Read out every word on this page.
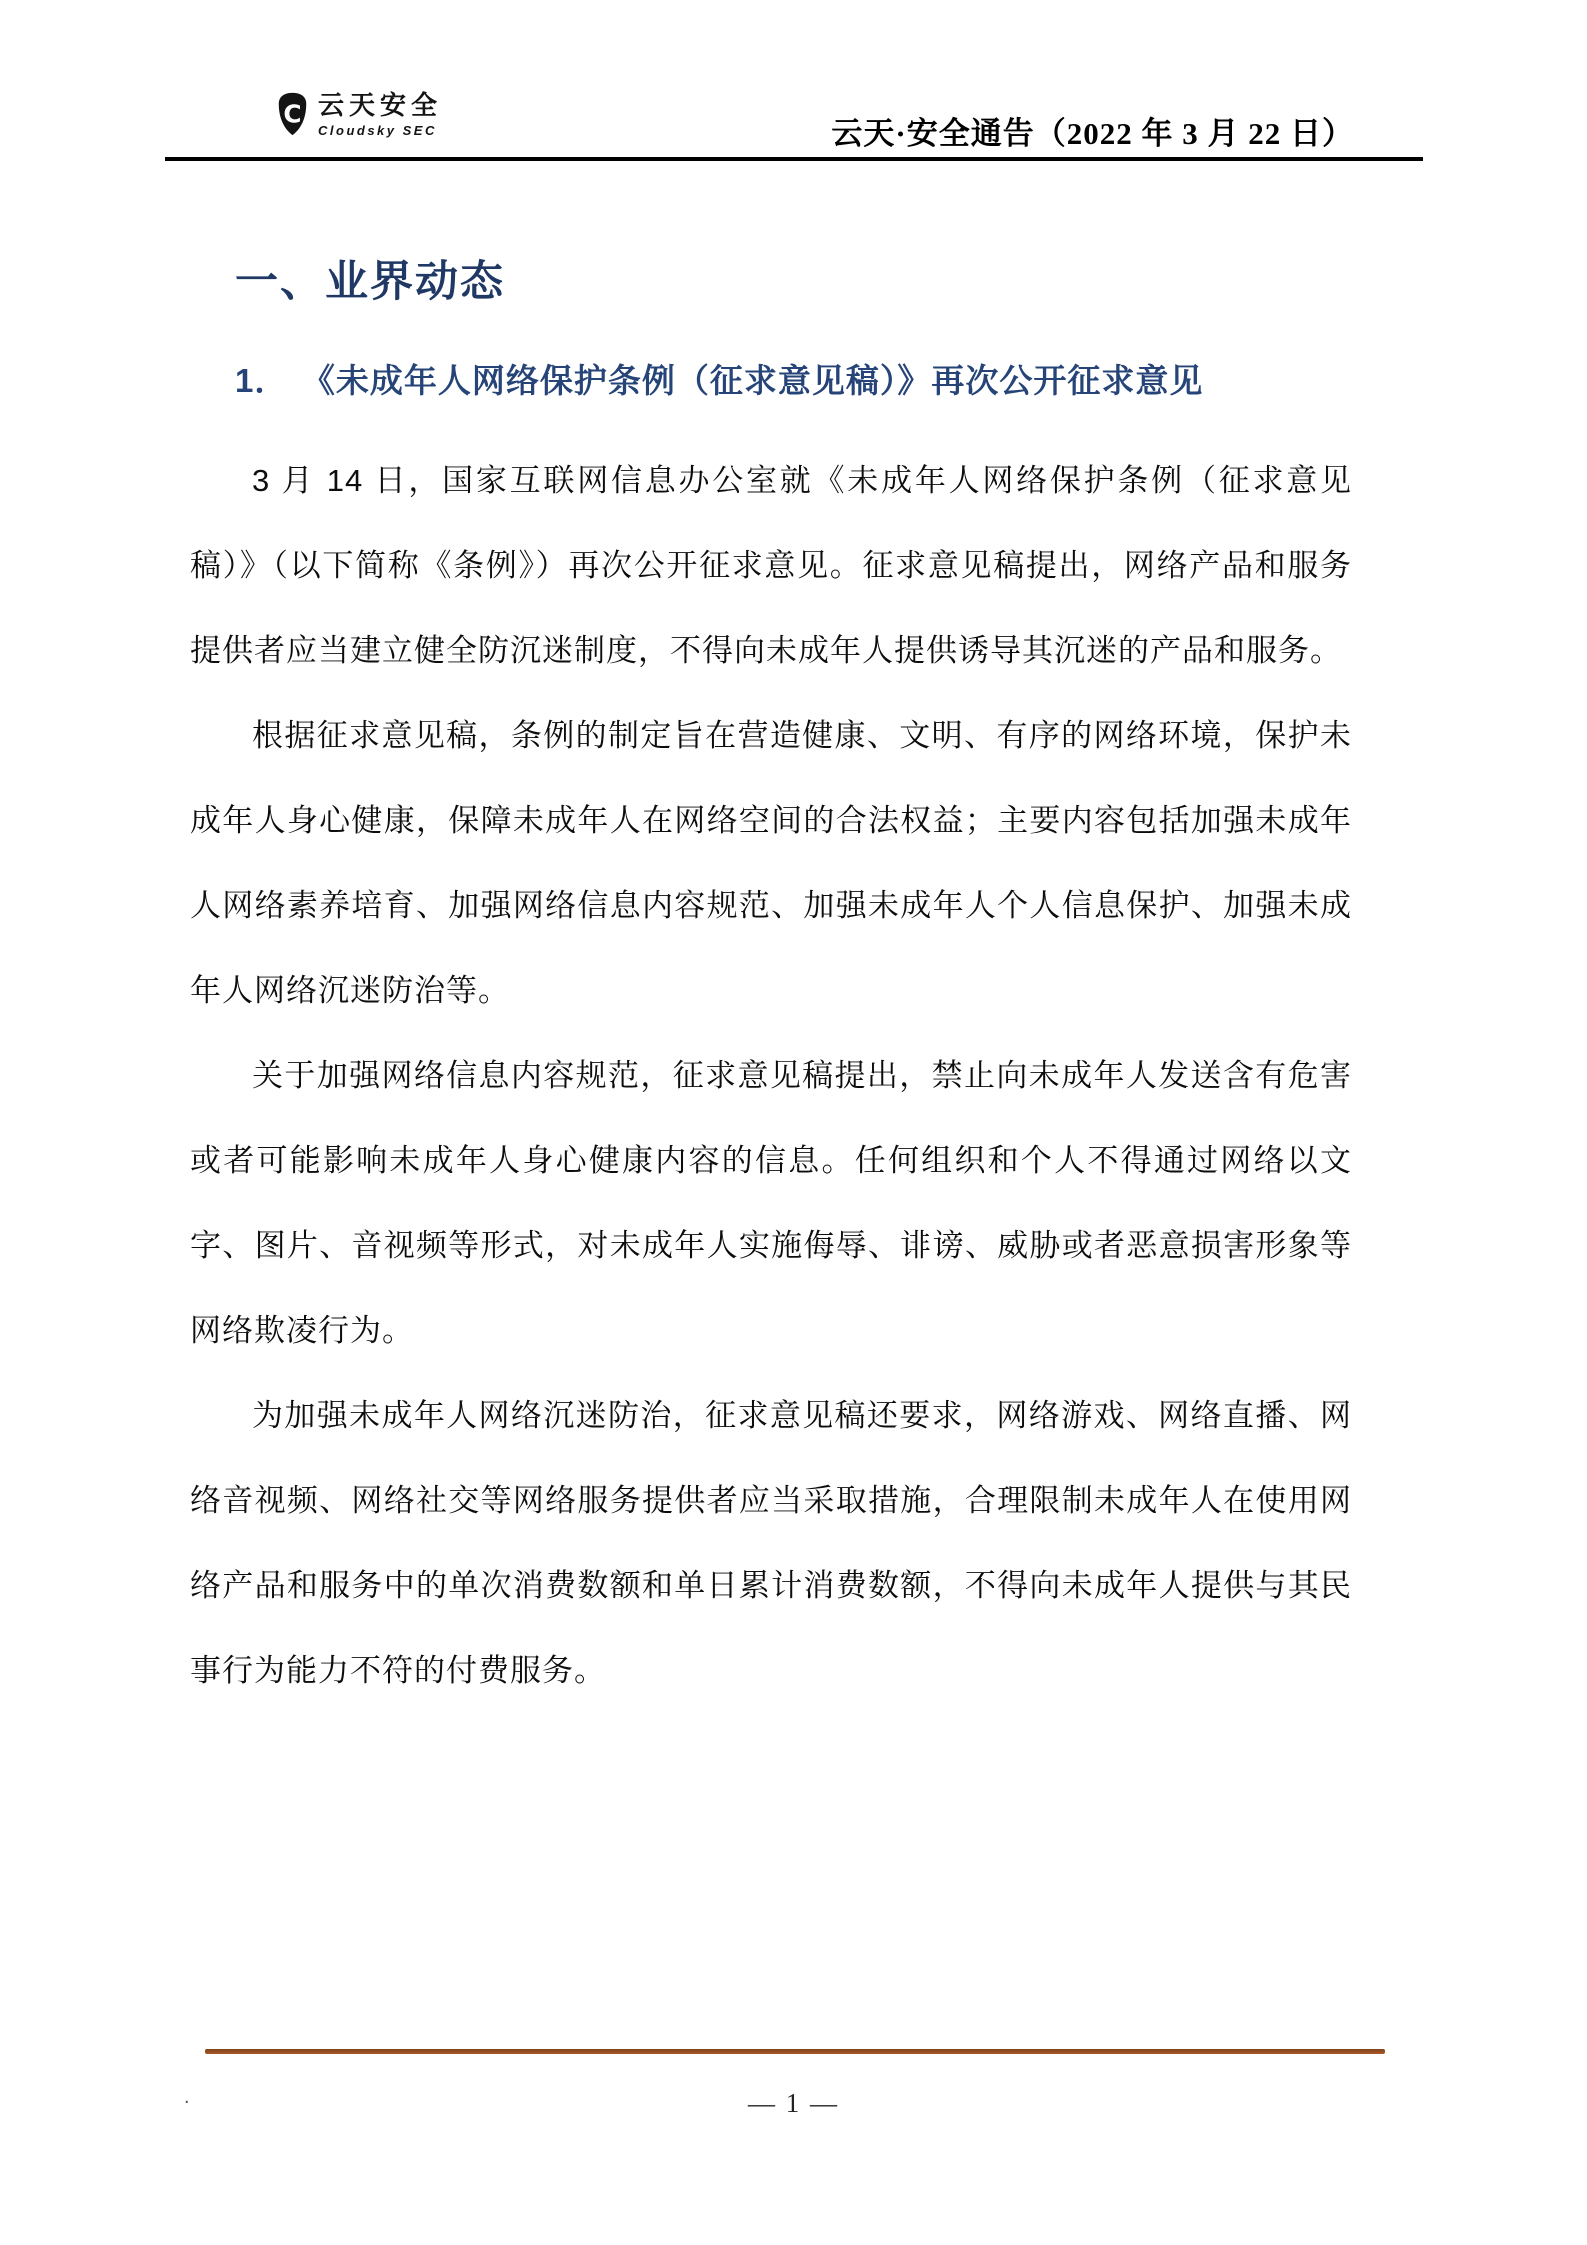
C 云天安全
Cloudsky SEC	云天·安全通告（2022 年 3 月 22 日）
一、业界动态
1． 《未成年人网络保护条例（征求意见稿）》再次公开征求意见

3 月 14 日，国家互联网信息办公室就《未成年人网络保护条例（征求意见稿）》（以下简称《条例》）再次公开征求意见。征求意见稿提出，网络产品和服务提供者应当建立健全防沉迷制度，不得向未成年人提供诱导其沉迷的产品和服务。

根据征求意见稿，条例的制定旨在营造健康、文明、有序的网络环境，保护未成年人身心健康，保障未成年人在网络空间的合法权益；主要内容包括加强未成年人网络素养培育、加强网络信息内容规范、加强未成年人个人信息保护、加强未成年人网络沉迷防治等。

关于加强网络信息内容规范，征求意见稿提出，禁止向未成年人发送含有危害或者可能影响未成年人身心健康内容的信息。任何组织和个人不得通过网络以文字、图片、音视频等形式，对未成年人实施侮辱、诽谤、威胁或者恶意损害形象等网络欺凌行为。

为加强未成年人网络沉迷防治，征求意见稿还要求，网络游戏、网络直播、网络音视频、网络社交等网络服务提供者应当采取措施，合理限制未成年人在使用网络产品和服务中的单次消费数额和单日累计消费数额，不得向未成年人提供与其民事行为能力不符的付费服务。

.	— 1 —
